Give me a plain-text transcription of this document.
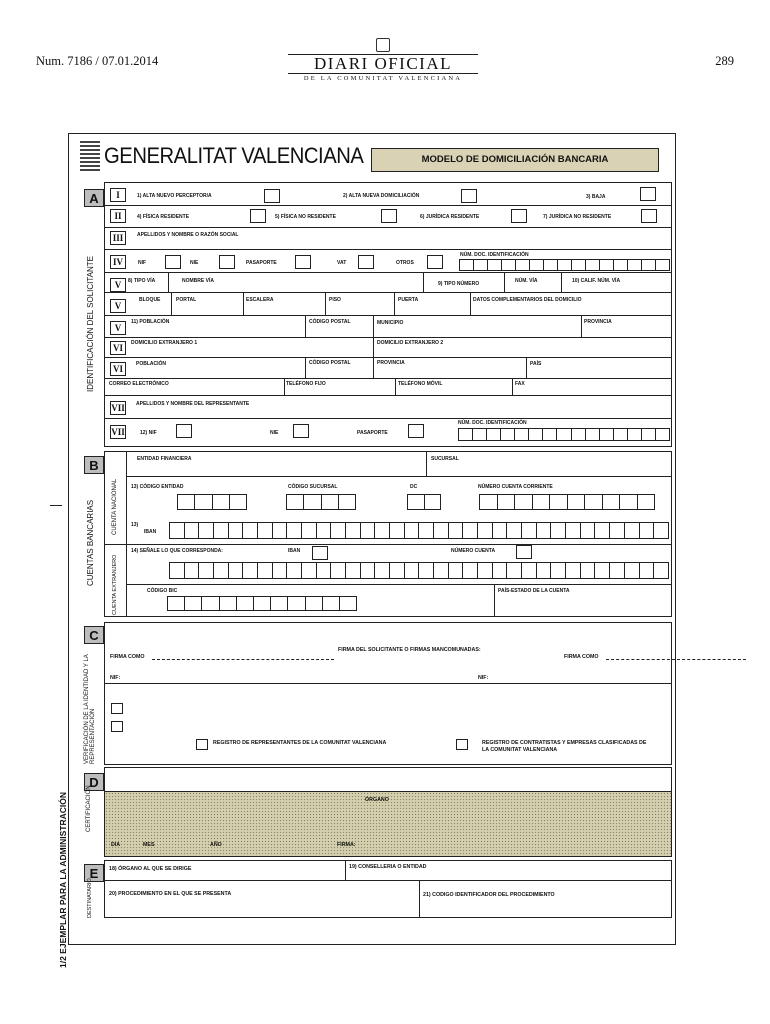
Num. 7186 / 07.01.2014	DIARI OFICIAL
DE LA COMUNITAT VALENCIANA
289
1/2 EJEMPLAR PARA LA ADMINISTRACIÓN
GENERALITAT VALENCIANA	MODELO DE DOMICILIACIÓN BANCARIA
A
IDENTIFICACIÓN DEL SOLICITANTE
I	1) ALTA NUEVO PERCEPTOR/A	2) ALTA NUEVA DOMICILIACIÓN	3) BAJA
II	4) FÍSICA RESIDENTE	5) FÍSICA NO RESIDENTE	6) JURÍDICA RESIDENTE	7) JURÍDICA NO RESIDENTE
III	APELLIDOS Y NOMBRE O RAZÓN SOCIAL
IV	NIF	NIE	PASAPORTE	VAT	OTROS
NÚM. DOC. IDENTIFICACIÓN
V	8) TIPO VÍA	NOMBRE VÍA	9) TIPO NÚMERO	NÚM. VÍA	10) CALIF. NÚM. VÍA
V
BLOQUE	PORTAL	ESCALERA	PISO	PUERTA	DATOS COMPLEMENTARIOS DEL DOMICILIO
V
11) POBLACIÓN	CÓDIGO POSTAL	MUNICIPIO	PROVINCIA
VI	DOMICILIO EXTRANJERO 1	DOMICILIO EXTRANJERO 2
VI	POBLACIÓN	CÓDIGO POSTAL	PROVINCIA	PAÍS
CORREO ELECTRÓNICO	TELÉFONO FIJO	TELÉFONO MÓVIL	FAX
VII APELLIDOS Y NOMBRE DEL REPRESENTANTE
VII	12) NIF	NIE	PASAPORTE
NÚM. DOC. IDENTIFICACIÓN
B
CUENTAS BANCARIAS	CUENTA NACIONAL
CUENTA EXTRANJERO
ENTIDAD FINANCIERA	SUCURSAL
13) CÓDIGO ENTIDAD	CÓDIGO SUCURSAL	DC	NÚMERO CUENTA CORRIENTE
13)
IBAN
14) SEÑALE LO QUE CORRESPONDA:	IBAN	NÚMERO CUENTA
CÓDIGO BIC	PAÍS-ESTADO DE LA CUENTA
C
VERIFICACIÓN DE LA IDENTIDAD Y LA REPRESENTACIÓN
FIRMA COMO
FIRMA DEL SOLICITANTE O FIRMAS MANCOMUNADAS:
FIRMA COMO
NIF:	NIF:
REGISTRO DE REPRESENTANTES DE LA COMUNITAT VALENCIANA	REGISTRO DE CONTRATISTAS Y EMPRESAS CLASIFICADAS DE LA COMUNITAT VALENCIANA
D
CERTIFICACIÓN	ÓRGANO
DIA	MES	AÑO	FIRMA:
E
DESTINATARIO
18) ÓRGANO AL QUE SE DIRIGE	19) CONSELLERIA O ENTIDAD
20) PROCEDIMIENTO EN EL QUE SE PRESENTA	21) CODIGO IDENTIFICADOR DEL PROCEDIMIENTO
